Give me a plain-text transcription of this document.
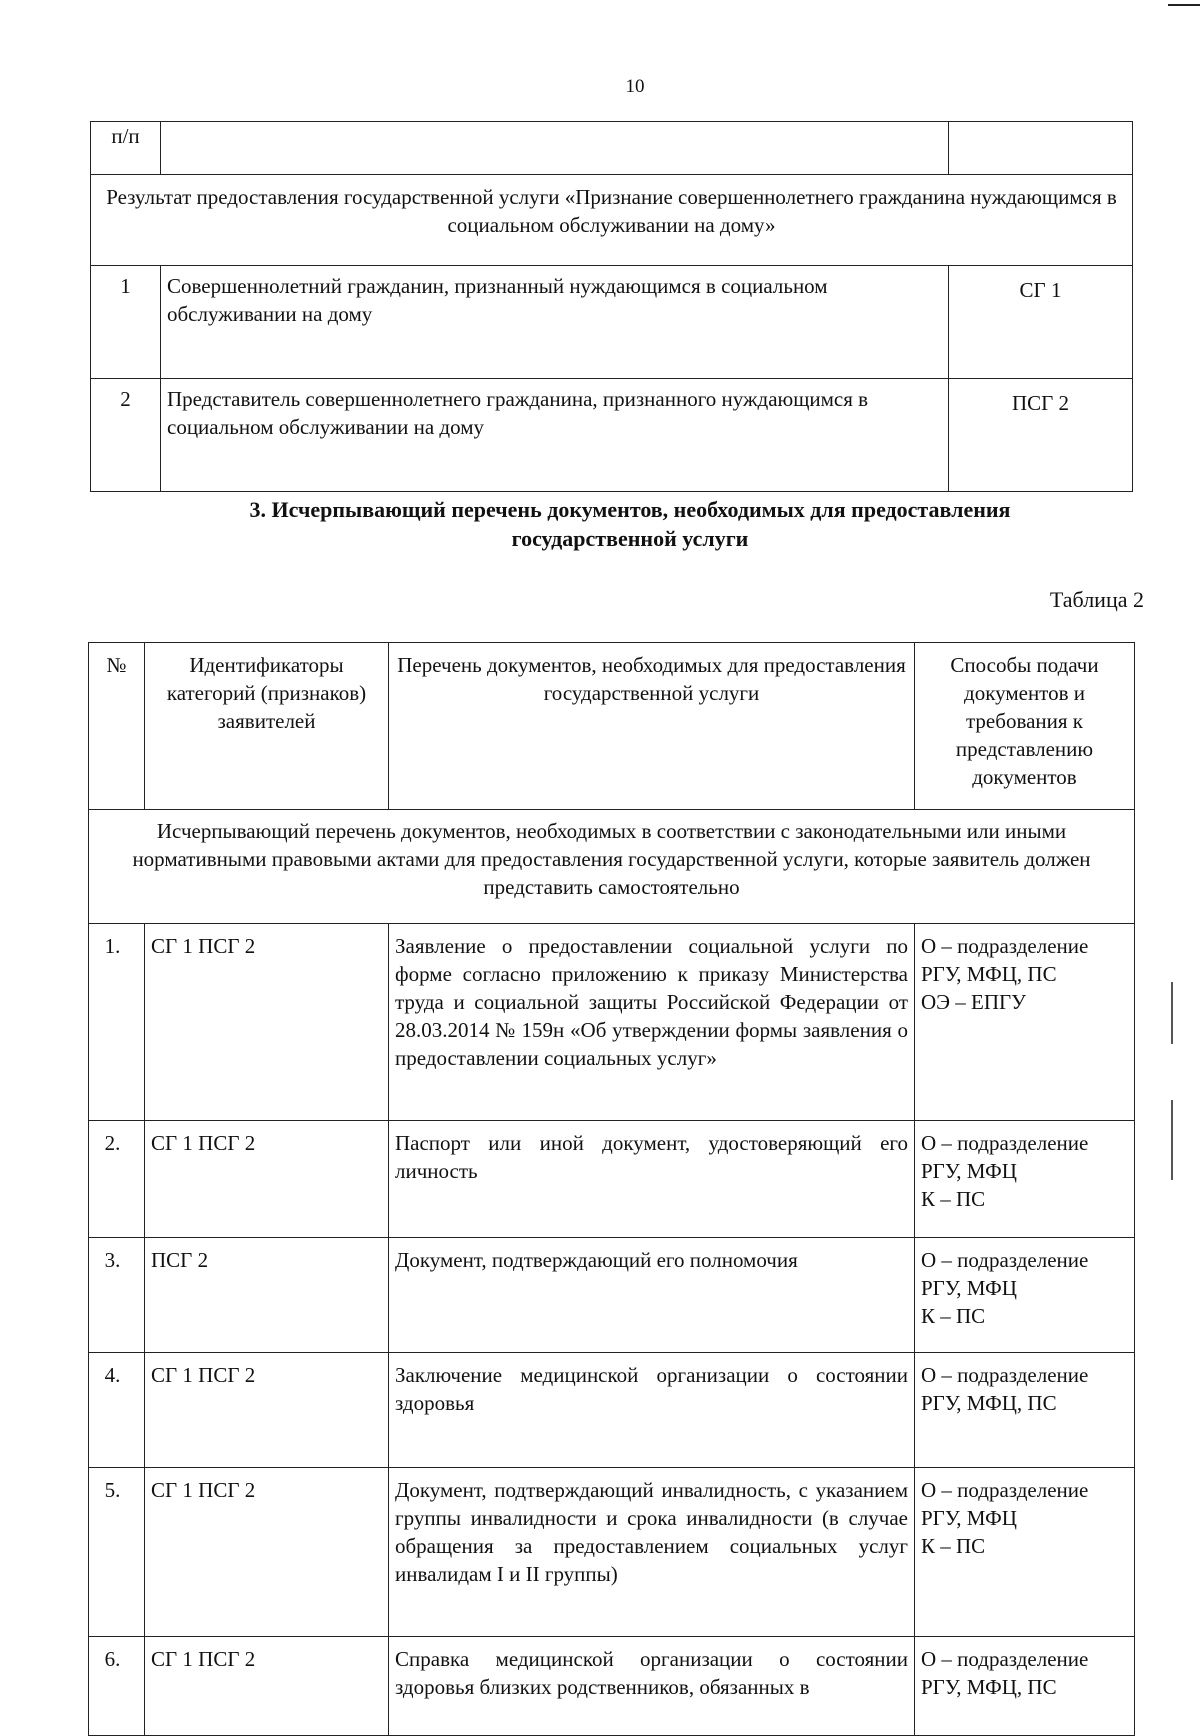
10
п/п		
Результат предоставления государственной услуги «Признание совершеннолетнего гражданина нуждающимся в социальном обслуживании на дому»		
1	Совершеннолетний гражданин, признанный нуждающимся в социальном обслуживании на дому	СГ 1
2	Представитель совершеннолетнего гражданина, признанного нуждающимся в социальном обслуживании на дому	ПСГ 2
3. Исчерпывающий перечень документов, необходимых для предоставления
государственной услуги
Таблица 2
№	Идентификаторы категорий (признаков) заявителей	Перечень документов, необходимых для предоставления государственной услуги	Способы подачи документов и требования к представлению документов
Исчерпывающий перечень документов, необходимых в соответствии с законодательными или иными нормативными правовыми актами для предоставления государственной услуги, которые заявитель должен представить самостоятельно			
1.	СГ 1 ПСГ 2	Заявление о предоставлении социальной услуги по форме согласно приложению к приказу Министерства труда и социальной защиты Российской Федерации от 28.03.2014 № 159н «Об утверждении формы заявления о предоставлении социальных услуг»	О – подразделение РГУ, МФЦ, ПС
ОЭ – ЕПГУ

2.	СГ 1 ПСГ 2	Паспорт или иной документ, удостоверяющий его личность	О – подразделение РГУ, МФЦ
К – ПС

3.	ПСГ 2	Документ, подтверждающий его полномочия	О – подразделение РГУ, МФЦ
К – ПС

4.	СГ 1 ПСГ 2	Заключение медицинской организации о состоянии здоровья	О – подразделение РГУ, МФЦ, ПС

5.	СГ 1 ПСГ 2	Документ, подтверждающий инвалидность, с указанием группы инвалидности и срока инвалидности (в случае обращения за предоставлением социальных услуг инвалидам I и II группы)	О – подразделение РГУ, МФЦ
К – ПС

6.	СГ 1 ПСГ 2	Справка медицинской организации о состоянии здоровья близких родственников, обязанных в	О – подразделение РГУ, МФЦ, ПС
